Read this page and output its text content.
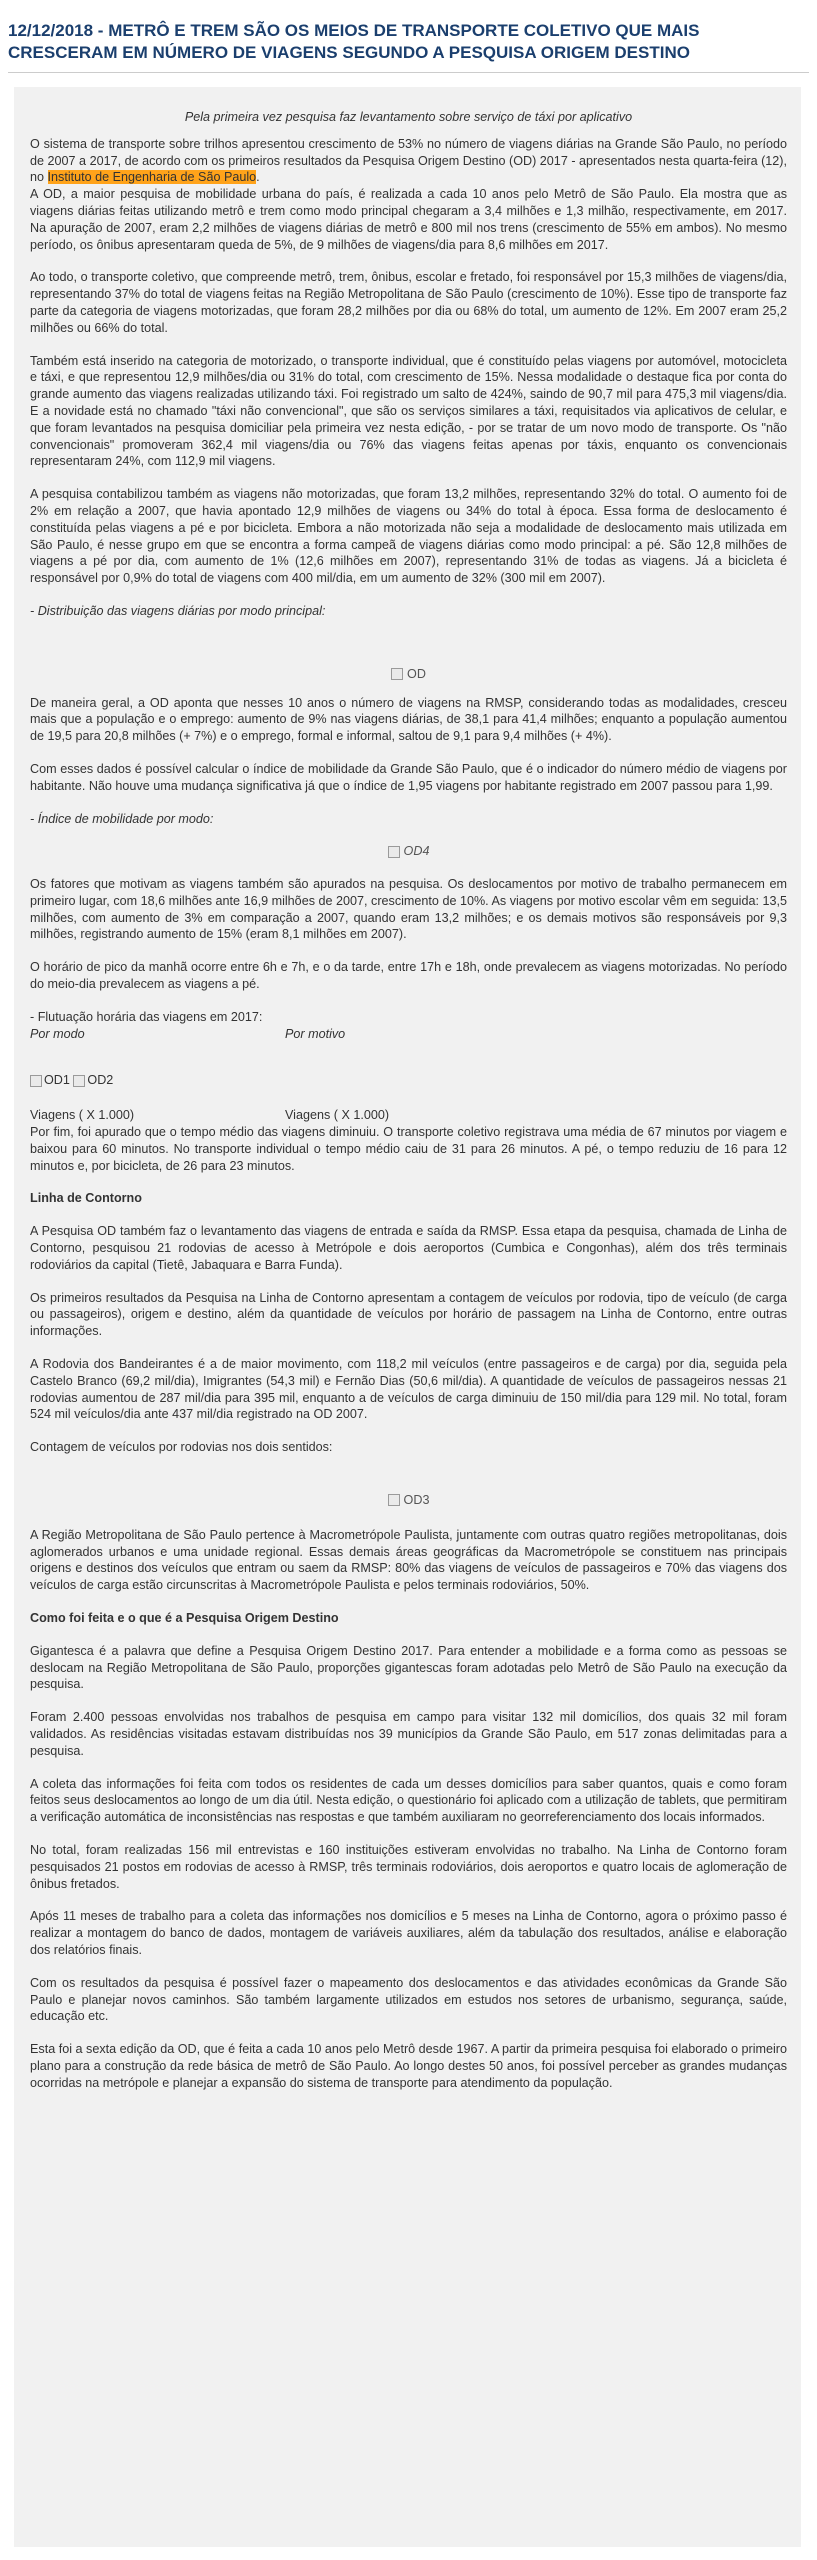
12/12/2018 - METRÔ E TREM SÃO OS MEIOS DE TRANSPORTE COLETIVO QUE MAIS CRESCERAM EM NÚMERO DE VIAGENS SEGUNDO A PESQUISA ORIGEM DESTINO

Pela primeira vez pesquisa faz levantamento sobre serviço de táxi por aplicativo

O sistema de transporte sobre trilhos apresentou crescimento de 53% no número de viagens diárias na Grande São Paulo, no período de 2007 a 2017, de acordo com os primeiros resultados da Pesquisa Origem Destino (OD) 2017 - apresentados nesta quarta-feira (12), no Instituto de Engenharia de São Paulo.

A OD, a maior pesquisa de mobilidade urbana do país, é realizada a cada 10 anos pelo Metrô de São Paulo. Ela mostra que as viagens diárias feitas utilizando metrô e trem como modo principal chegaram a 3,4 milhões e 1,3 milhão, respectivamente, em 2017. Na apuração de 2007, eram 2,2 milhões de viagens diárias de metrô e 800 mil nos trens (crescimento de 55% em ambos). No mesmo período, os ônibus apresentaram queda de 5%, de 9 milhões de viagens/dia para 8,6 milhões em 2017.

Ao todo, o transporte coletivo, que compreende metrô, trem, ônibus, escolar e fretado, foi responsável por 15,3 milhões de viagens/dia, representando 37% do total de viagens feitas na Região Metropolitana de São Paulo (crescimento de 10%). Esse tipo de transporte faz parte da categoria de viagens motorizadas, que foram 28,2 milhões por dia ou 68% do total, um aumento de 12%. Em 2007 eram 25,2 milhões ou 66% do total.

Também está inserido na categoria de motorizado, o transporte individual, que é constituído pelas viagens por automóvel, motocicleta e táxi, e que representou 12,9 milhões/dia ou 31% do total, com crescimento de 15%. Nessa modalidade o destaque fica por conta do grande aumento das viagens realizadas utilizando táxi. Foi registrado um salto de 424%, saindo de 90,7 mil para 475,3 mil viagens/dia. E a novidade está no chamado "táxi não convencional", que são os serviços similares a táxi, requisitados via aplicativos de celular, e que foram levantados na pesquisa domiciliar pela primeira vez nesta edição, - por se tratar de um novo modo de transporte. Os "não convencionais" promoveram 362,4 mil viagens/dia ou 76% das viagens feitas apenas por táxis, enquanto os convencionais representaram 24%, com 112,9 mil viagens.

A pesquisa contabilizou também as viagens não motorizadas, que foram 13,2 milhões, representando 32% do total. O aumento foi de 2% em relação a 2007, que havia apontado 12,9 milhões de viagens ou 34% do total à época. Essa forma de deslocamento é constituída pelas viagens a pé e por bicicleta. Embora a não motorizada não seja a modalidade de deslocamento mais utilizada em São Paulo, é nesse grupo em que se encontra a forma campeã de viagens diárias como modo principal: a pé. São 12,8 milhões de viagens a pé por dia, com aumento de 1% (12,6 milhões em 2007), representando 31% de todas as viagens. Já a bicicleta é responsável por 0,9% do total de viagens com 400 mil/dia, em um aumento de 32% (300 mil em 2007).

- Distribuição das viagens diárias por modo principal:

OD

De maneira geral, a OD aponta que nesses 10 anos o número de viagens na RMSP, considerando todas as modalidades, cresceu mais que a população e o emprego: aumento de 9% nas viagens diárias, de 38,1 para 41,4 milhões; enquanto a população aumentou de 19,5 para 20,8 milhões (+ 7%) e o emprego, formal e informal, saltou de 9,1 para 9,4 milhões (+ 4%).

Com esses dados é possível calcular o índice de mobilidade da Grande São Paulo, que é o indicador do número médio de viagens por habitante. Não houve uma mudança significativa já que o índice de 1,95 viagens por habitante registrado em 2007 passou para 1,99.

- Índice de mobilidade por modo:

OD4

Os fatores que motivam as viagens também são apurados na pesquisa. Os deslocamentos por motivo de trabalho permanecem em primeiro lugar, com 18,6 milhões ante 16,9 milhões de 2007, crescimento de 10%. As viagens por motivo escolar vêm em seguida: 13,5 milhões, com aumento de 3% em comparação a 2007, quando eram 13,2 milhões; e os demais motivos são responsáveis por 9,3 milhões, registrando aumento de 15% (eram 8,1 milhões em 2007).

O horário de pico da manhã ocorre entre 6h e 7h, e o da tarde, entre 17h e 18h, onde prevalecem as viagens motorizadas. No período do meio-dia prevalecem as viagens a pé.

- Flutuação horária das viagens em 2017:

Por modo	Por motivo
OD1 OD2
Viagens ( X 1.000)	Viagens ( X 1.000)

Por fim, foi apurado que o tempo médio das viagens diminuiu. O transporte coletivo registrava uma média de 67 minutos por viagem e baixou para 60 minutos. No transporte individual o tempo médio caiu de 31 para 26 minutos. A pé, o tempo reduziu de 16 para 12 minutos e, por bicicleta, de 26 para 23 minutos.

Linha de Contorno

A Pesquisa OD também faz o levantamento das viagens de entrada e saída da RMSP. Essa etapa da pesquisa, chamada de Linha de Contorno, pesquisou 21 rodovias de acesso à Metrópole e dois aeroportos (Cumbica e Congonhas), além dos três terminais rodoviários da capital (Tietê, Jabaquara e Barra Funda).

Os primeiros resultados da Pesquisa na Linha de Contorno apresentam a contagem de veículos por rodovia, tipo de veículo (de carga ou passageiros), origem e destino, além da quantidade de veículos por horário de passagem na Linha de Contorno, entre outras informações.

A Rodovia dos Bandeirantes é a de maior movimento, com 118,2 mil veículos (entre passageiros e de carga) por dia, seguida pela Castelo Branco (69,2 mil/dia), Imigrantes (54,3 mil) e Fernão Dias (50,6 mil/dia). A quantidade de veículos de passageiros nessas 21 rodovias aumentou de 287 mil/dia para 395 mil, enquanto a de veículos de carga diminuiu de 150 mil/dia para 129 mil. No total, foram 524 mil veículos/dia ante 437 mil/dia registrado na OD 2007.

Contagem de veículos por rodovias nos dois sentidos:

OD3

A Região Metropolitana de São Paulo pertence à Macrometrópole Paulista, juntamente com outras quatro regiões metropolitanas, dois aglomerados urbanos e uma unidade regional. Essas demais áreas geográficas da Macrometrópole se constituem nas principais origens e destinos dos veículos que entram ou saem da RMSP: 80% das viagens de veículos de passageiros e 70% das viagens dos veículos de carga estão circunscritas à Macrometrópole Paulista e pelos terminais rodoviários, 50%.

Como foi feita e o que é a Pesquisa Origem Destino

Gigantesca é a palavra que define a Pesquisa Origem Destino 2017. Para entender a mobilidade e a forma como as pessoas se deslocam na Região Metropolitana de São Paulo, proporções gigantescas foram adotadas pelo Metrô de São Paulo na execução da pesquisa.

Foram 2.400 pessoas envolvidas nos trabalhos de pesquisa em campo para visitar 132 mil domicílios, dos quais 32 mil foram validados. As residências visitadas estavam distribuídas nos 39 municípios da Grande São Paulo, em 517 zonas delimitadas para a pesquisa.

A coleta das informações foi feita com todos os residentes de cada um desses domicílios para saber quantos, quais e como foram feitos seus deslocamentos ao longo de um dia útil. Nesta edição, o questionário foi aplicado com a utilização de tablets, que permitiram a verificação automática de inconsistências nas respostas e que também auxiliaram no georreferenciamento dos locais informados.

No total, foram realizadas 156 mil entrevistas e 160 instituições estiveram envolvidas no trabalho. Na Linha de Contorno foram pesquisados 21 postos em rodovias de acesso à RMSP, três terminais rodoviários, dois aeroportos e quatro locais de aglomeração de ônibus fretados.

Após 11 meses de trabalho para a coleta das informações nos domicílios e 5 meses na Linha de Contorno, agora o próximo passo é realizar a montagem do banco de dados, montagem de variáveis auxiliares, além da tabulação dos resultados, análise e elaboração dos relatórios finais.

Com os resultados da pesquisa é possível fazer o mapeamento dos deslocamentos e das atividades econômicas da Grande São Paulo e planejar novos caminhos. São também largamente utilizados em estudos nos setores de urbanismo, segurança, saúde, educação etc.

Esta foi a sexta edição da OD, que é feita a cada 10 anos pelo Metrô desde 1967. A partir da primeira pesquisa foi elaborado o primeiro plano para a construção da rede básica de metrô de São Paulo. Ao longo destes 50 anos, foi possível perceber as grandes mudanças ocorridas na metrópole e planejar a expansão do sistema de transporte para atendimento da população.
